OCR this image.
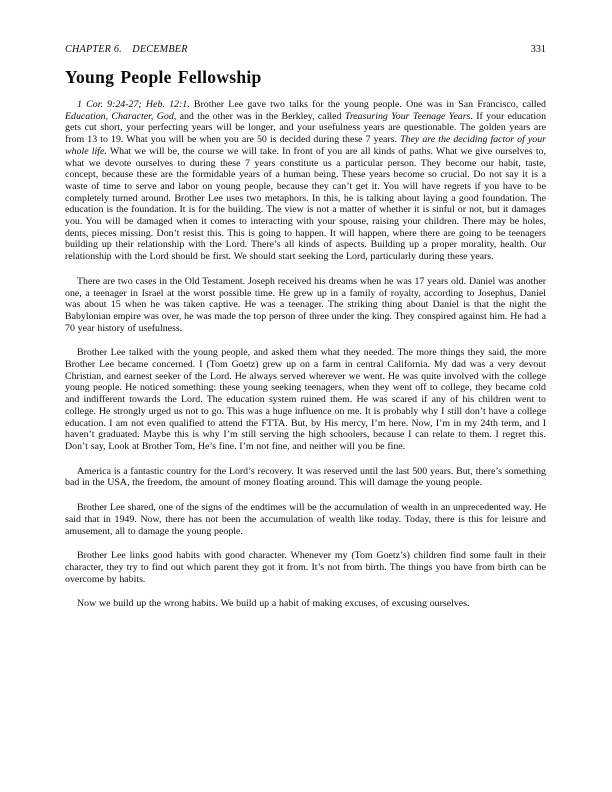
CHAPTER 6. DECEMBER	331
Young People Fellowship

1 Cor. 9:24-27; Heb. 12:1. Brother Lee gave two talks for the young people. One was in San Francisco, called Education, Character, God, and the other was in the Berkley, called Treasuring Your Teenage Years. If your education gets cut short, your perfecting years will be longer, and your usefulness years are questionable. The golden years are from 13 to 19. What you will be when you are 50 is decided during these 7 years. They are the deciding factor of your whole life. What we will be, the course we will take. In front of you are all kinds of paths. What we give ourselves to, what we devote ourselves to during these 7 years constitute us a particular person. They become our habit, taste, concept, because these are the formidable years of a human being. These years become so crucial. Do not say it is a waste of time to serve and labor on young people, because they can’t get it. You will have regrets if you have to be completely turned around. Brother Lee uses two metaphors. In this, he is talking about laying a good foundation. The education is the foundation. It is for the building. The view is not a matter of whether it is sinful or not, but it damages you. You will be damaged when it comes to interacting with your spouse, raising your children. There may be holes, dents, pieces missing. Don’t resist this. This is going to happen. It will happen, where there are going to be teenagers building up their relationship with the Lord. There’s all kinds of aspects. Building up a proper morality, health. Our relationship with the Lord should be first. We should start seeking the Lord, particularly during these years.

There are two cases in the Old Testament. Joseph received his dreams when he was 17 years old. Daniel was another one, a teenager in Israel at the worst possible time. He grew up in a family of royalty, according to Josephus, Daniel was about 15 when he was taken captive. He was a teenager. The striking thing about Daniel is that the night the Babylonian empire was over, he was made the top person of three under the king. They conspired against him. He had a 70 year history of usefulness.

Brother Lee talked with the young people, and asked them what they needed. The more things they said, the more Brother Lee became concerned. I (Tom Goetz) grew up on a farm in central California. My dad was a very devout Christian, and earnest seeker of the Lord. He always served wherever we went. He was quite involved with the college young people. He noticed something: these young seeking teenagers, when they went off to college, they became cold and indifferent towards the Lord. The education system ruined them. He was scared if any of his children went to college. He strongly urged us not to go. This was a huge influence on me. It is probably why I still don’t have a college education. I am not even qualified to attend the FTTA. But, by His mercy, I’m here. Now, I’m in my 24th term, and I haven’t graduated. Maybe this is why I’m still serving the high schoolers, because I can relate to them. I regret this. Don’t say, Look at Brother Tom, He’s fine. I’m not fine, and neither will you be fine.

America is a fantastic country for the Lord’s recovery. It was reserved until the last 500 years. But, there’s something bad in the USA, the freedom, the amount of money floating around. This will damage the young people.

Brother Lee shared, one of the signs of the endtimes will be the accumulation of wealth in an unprecedented way. He said that in 1949. Now, there has not been the accumulation of wealth like today. Today, there is this for leisure and amusement, all to damage the young people.

Brother Lee links good habits with good character. Whenever my (Tom Goetz’s) children find some fault in their character, they try to find out which parent they got it from. It’s not from birth. The things you have from birth can be overcome by habits.

Now we build up the wrong habits. We build up a habit of making excuses, of excusing ourselves.
